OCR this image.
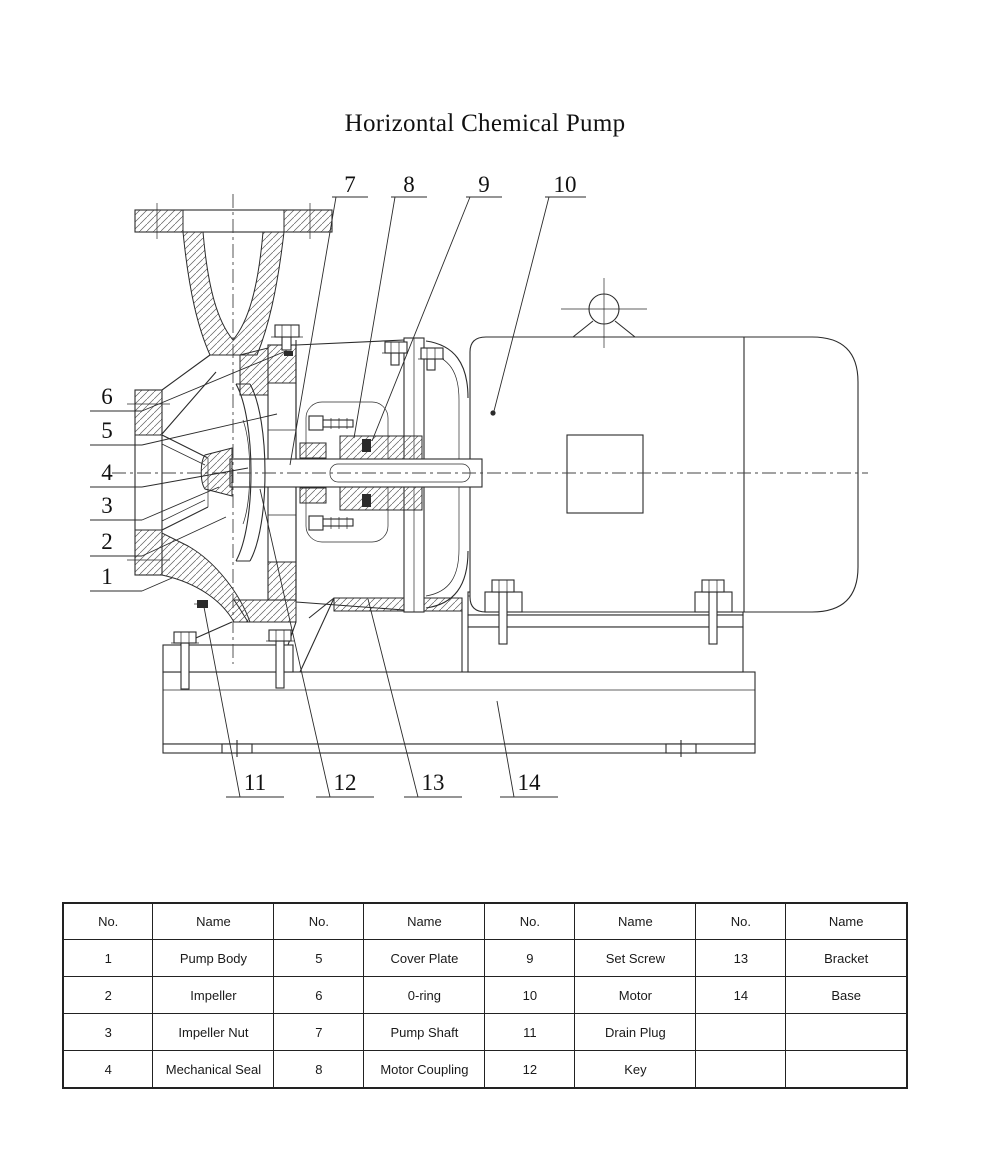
Horizontal Chemical Pump
7 8	9	10
6
5
4
3
2
1
11	12	13	14
No.	Name	No.	Name	No.	Name	No.	Name
1	Pump Body	5	Cover Plate	9	Set Screw	13	Bracket
2	Impeller	6	0-ring	10	Motor	14	Base
3	Impeller Nut	7	Pump Shaft	11	Drain Plug		
4	Mechanical Seal	8	Motor Coupling	12	Key		
